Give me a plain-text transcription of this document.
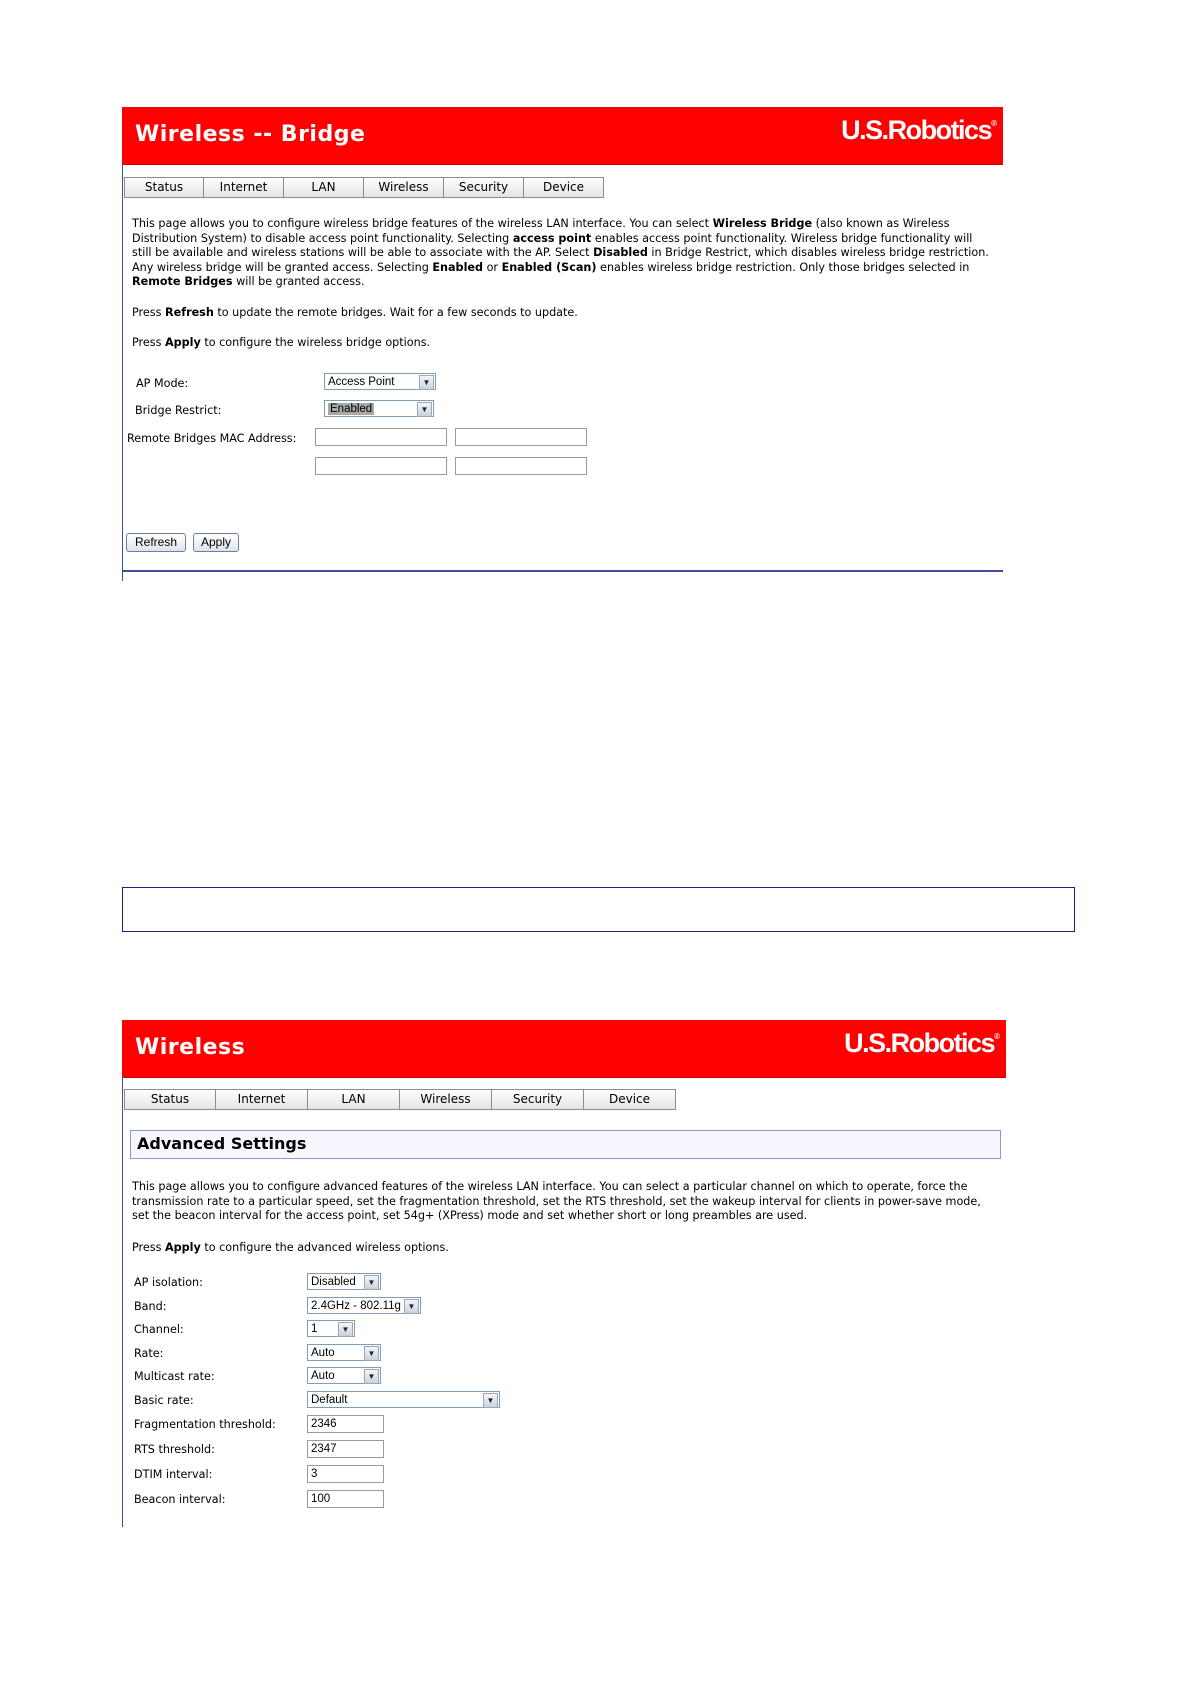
Wireless -- Bridge	U.S.Robotics®
Status	Internet	LAN	Wireless	Security	Device

This page allows you to configure wireless bridge features of the wireless LAN interface. You can select Wireless Bridge (also known as Wireless Distribution System) to disable access point functionality. Selecting access point enables access point functionality. Wireless bridge functionality will still be available and wireless stations will be able to associate with the AP. Select Disabled in Bridge Restrict, which disables wireless bridge restriction. Any wireless bridge will be granted access. Selecting Enabled or Enabled (Scan) enables wireless bridge restriction. Only those bridges selected in Remote Bridges will be granted access.

Press Refresh to update the remote bridges. Wait for a few seconds to update.

Press Apply to configure the wireless bridge options.

AP Mode:	Access Point	▼
Bridge Restrict:	Enabled	▼
Remote Bridges MAC Address:
Refresh	Apply
Wireless	U.S.Robotics®
Status	Internet	LAN	Wireless	Security	Device
Advanced Settings

This page allows you to configure advanced features of the wireless LAN interface. You can select a particular channel on which to operate, force the transmission rate to a particular speed, set the fragmentation threshold, set the RTS threshold, set the wakeup interval for clients in power-save mode, set the beacon interval for the access point, set 54g+ (XPress) mode and set whether short or long preambles are used.

Press Apply to configure the advanced wireless options.

AP isolation:	Disabled	▼
Band:	2.4GHz - 802.11g ▼
Channel:	1	▼
Rate:	Auto	▼
Multicast rate:	Auto	▼
Basic rate:	Default	▼
Fragmentation threshold:	2346
RTS threshold:	2347
DTIM interval:	3
Beacon interval:	100
